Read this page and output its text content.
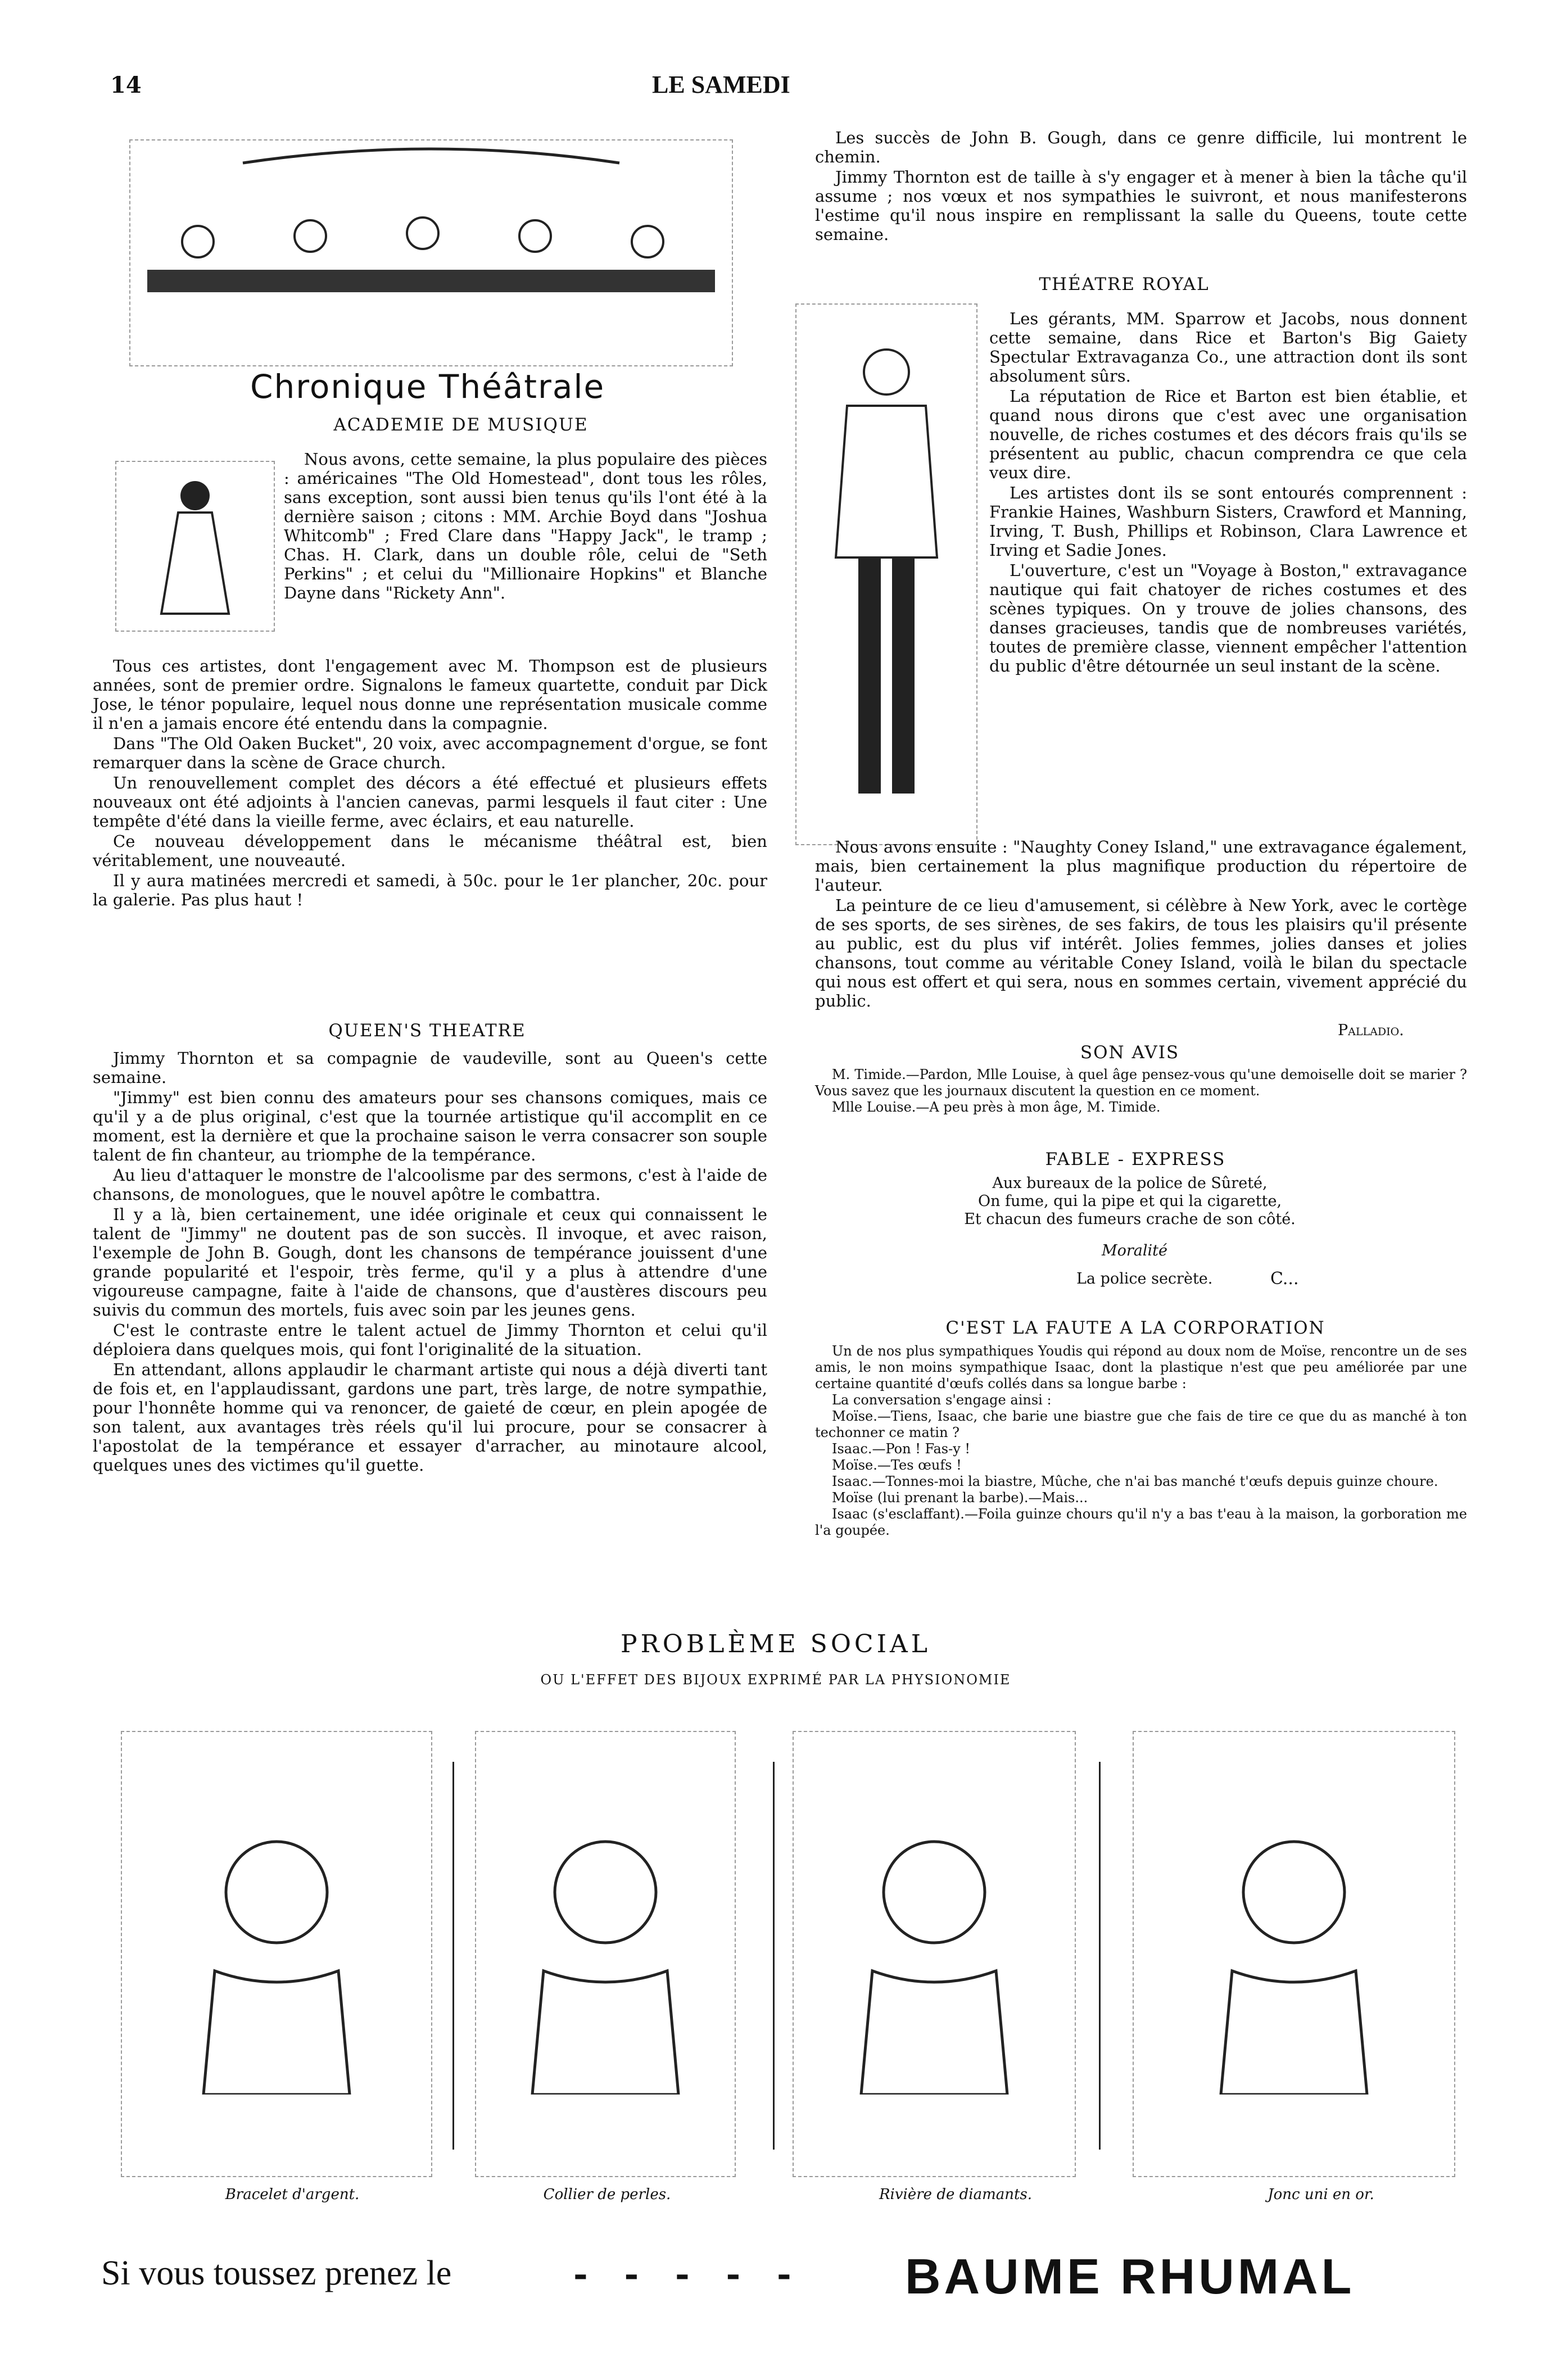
14	LE SAMEDI
Chronique Théâtrale
ACADEMIE DE MUSIQUE

Nous avons, cette semaine, la plus populaire des pièces : américaines "The Old Homestead", dont tous les rôles, sans exception, sont aussi bien tenus qu'ils l'ont été à la dernière saison ; citons : MM. Archie Boyd dans "Joshua Whitcomb" ; Fred Clare dans "Happy Jack", le tramp ; Chas. H. Clark, dans un double rôle, celui de "Seth Perkins" ; et celui du "Millionaire Hopkins" et Blanche Dayne dans "Rickety Ann".

Tous ces artistes, dont l'engagement avec M. Thompson est de plusieurs années, sont de premier ordre. Signalons le fameux quartette, conduit par Dick Jose, le ténor populaire, lequel nous donne une représentation musicale comme il n'en a jamais encore été entendu dans la compagnie.

Dans "The Old Oaken Bucket", 20 voix, avec accompagnement d'orgue, se font remarquer dans la scène de Grace church.

Un renouvellement complet des décors a été effectué et plusieurs effets nouveaux ont été adjoints à l'ancien canevas, parmi lesquels il faut citer : Une tempête d'été dans la vieille ferme, avec éclairs, et eau naturelle.

Ce nouveau développement dans le mécanisme théâtral est, bien véritablement, une nouveauté.

Il y aura matinées mercredi et samedi, à 50c. pour le 1er plancher, 20c. pour la galerie. Pas plus haut !

QUEEN'S THEATRE

Jimmy Thornton et sa compagnie de vaudeville, sont au Queen's cette semaine.

"Jimmy" est bien connu des amateurs pour ses chansons comiques, mais ce qu'il y a de plus original, c'est que la tournée artistique qu'il accomplit en ce moment, est la dernière et que la prochaine saison le verra consacrer son souple talent de fin chanteur, au triomphe de la tempérance.

Au lieu d'attaquer le monstre de l'alcoolisme par des sermons, c'est à l'aide de chansons, de monologues, que le nouvel apôtre le combattra.

Il y a là, bien certainement, une idée originale et ceux qui connaissent le talent de "Jimmy" ne doutent pas de son succès. Il invoque, et avec raison, l'exemple de John B. Gough, dont les chansons de tempérance jouissent d'une grande popularité et l'espoir, très ferme, qu'il y a plus à attendre d'une vigoureuse campagne, faite à l'aide de chansons, que d'austères discours peu suivis du commun des mortels, fuis avec soin par les jeunes gens.

C'est le contraste entre le talent actuel de Jimmy Thornton et celui qu'il déploiera dans quelques mois, qui font l'originalité de la situation.

En attendant, allons applaudir le charmant artiste qui nous a déjà diverti tant de fois et, en l'applaudissant, gardons une part, très large, de notre sympathie, pour l'honnête homme qui va renoncer, de gaieté de cœur, en plein apogée de son talent, aux avantages très réels qu'il lui procure, pour se consacrer à l'apostolat de la tempérance et essayer d'arracher, au minotaure alcool, quelques unes des victimes qu'il guette.

Les succès de John B. Gough, dans ce genre difficile, lui montrent le chemin.

Jimmy Thornton est de taille à s'y engager et à mener à bien la tâche qu'il assume ; nos vœux et nos sympathies le suivront, et nous manifesterons l'estime qu'il nous inspire en remplissant la salle du Queens, toute cette semaine.

THÉATRE ROYAL

Les gérants, MM. Sparrow et Jacobs, nous donnent cette semaine, dans Rice et Barton's Big Gaiety Spectular Extravaganza Co., une attraction dont ils sont absolument sûrs.

La réputation de Rice et Barton est bien établie, et quand nous dirons que c'est avec une organisation nouvelle, de riches costumes et des décors frais qu'ils se présentent au public, chacun comprendra ce que cela veux dire.

Les artistes dont ils se sont entourés comprennent : Frankie Haines, Washburn Sisters, Crawford et Manning, Irving, T. Bush, Phillips et Robinson, Clara Lawrence et Irving et Sadie Jones.

L'ouverture, c'est un "Voyage à Boston," extravagance nautique qui fait chatoyer de riches costumes et des scènes typiques. On y trouve de jolies chansons, des danses gracieuses, tandis que de nombreuses variétés, toutes de première classe, viennent empêcher l'attention du public d'être détournée un seul instant de la scène.

Nous avons ensuite : "Naughty Coney Island," une extravagance également, mais, bien certainement la plus magnifique production du répertoire de l'auteur.

La peinture de ce lieu d'amusement, si célèbre à New York, avec le cortège de ses sports, de ses sirènes, de ses fakirs, de tous les plaisirs qu'il présente au public, est du plus vif intérêt. Jolies femmes, jolies danses et jolies chansons, tout comme au véritable Coney Island, voilà le bilan du spectacle qui nous est offert et qui sera, nous en sommes certain, vivement apprécié du public.

Palladio.
SON AVIS

M. Timide.—Pardon, Mlle Louise, à quel âge pensez-vous qu'une demoiselle doit se marier ? Vous savez que les journaux discutent la question en ce moment.

Mlle Louise.—A peu près à mon âge, M. Timide.

FABLE - EXPRESS
Aux bureaux de la police de Sûreté,
On fume, qui la pipe et qui la cigarette,
Et chacun des fumeurs crache de son côté.
Moralité
La police secrète.	C...
C'EST LA FAUTE A LA CORPORATION

Un de nos plus sympathiques Youdis qui répond au doux nom de Moïse, rencontre un de ses amis, le non moins sympathique Isaac, dont la plastique n'est que peu améliorée par une certaine quantité d'œufs collés dans sa longue barbe :

La conversation s'engage ainsi :

Moïse.—Tiens, Isaac, che barie une biastre gue che fais de tire ce que du as manché à ton techonner ce matin ?

Isaac.—Pon ! Fas-y !

Moïse.—Tes œufs !

Isaac.—Tonnes-moi la biastre, Mûche, che n'ai bas manché t'œufs depuis guinze choure.

Moïse (lui prenant la barbe).—Mais...

Isaac (s'esclaffant).—Foila guinze chours qu'il n'y a bas t'eau à la maison, la gorboration me l'a goupée.

PROBLÈME SOCIAL
OU L'EFFET DES BIJOUX EXPRIMÉ PAR LA PHYSIONOMIE
Bracelet d'argent.	Collier de perles.	Rivière de diamants.	Jonc uni en or.
Si vous toussez prenez le	-   -   -   -   - BAUME RHUMAL
